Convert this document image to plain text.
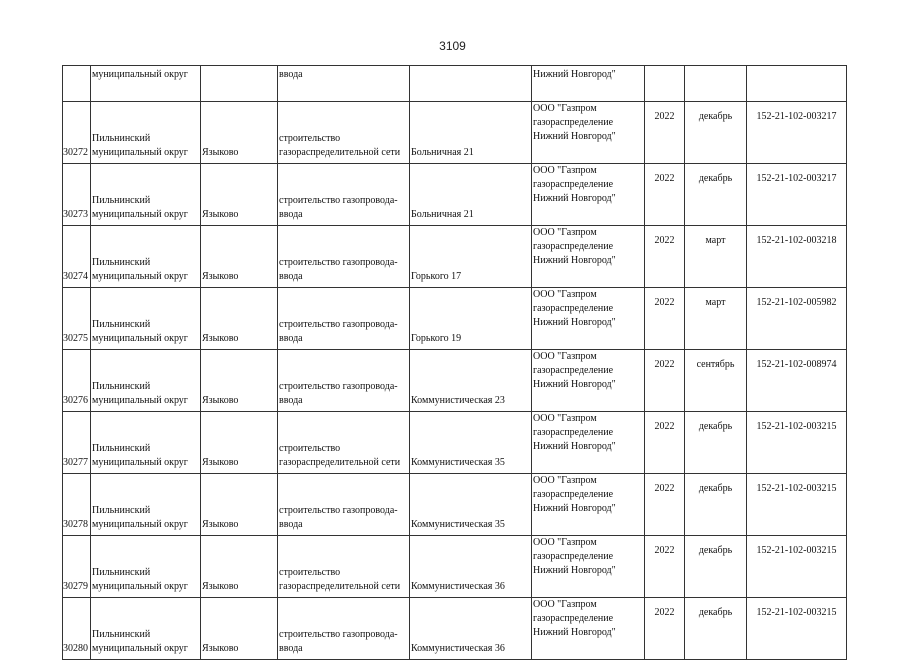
3109

	муниципальный округ		ввода		Нижний Новгород"			

30272	Пильнинский
муниципальный округ	Языково	строительство
газораспределительной сети	Больничная 21	ООО "Газпром
газораспределение
Нижний Новгород"	2022	декабрь	152-21-102-003217

30273	Пильнинский
муниципальный округ	Языково	строительство газопровода-
ввода	Больничная 21	ООО "Газпром
газораспределение
Нижний Новгород"	2022	декабрь	152-21-102-003217

30274	Пильнинский
муниципальный округ	Языково	строительство газопровода-
ввода	Горького 17	ООО "Газпром
газораспределение
Нижний Новгород"	2022	март	152-21-102-003218

30275	Пильнинский
муниципальный округ	Языково	строительство газопровода-
ввода	Горького 19	ООО "Газпром
газораспределение
Нижний Новгород"	2022	март	152-21-102-005982

30276	Пильнинский
муниципальный округ	Языково	строительство газопровода-
ввода	Коммунистическая 23	ООО "Газпром
газораспределение
Нижний Новгород"	2022	сентябрь	152-21-102-008974

30277	Пильнинский
муниципальный округ	Языково	строительство
газораспределительной сети	Коммунистическая 35	ООО "Газпром
газораспределение
Нижний Новгород"	2022	декабрь	152-21-102-003215

30278	Пильнинский
муниципальный округ	Языково	строительство газопровода-
ввода	Коммунистическая 35	ООО "Газпром
газораспределение
Нижний Новгород"	2022	декабрь	152-21-102-003215

30279	Пильнинский
муниципальный округ	Языково	строительство
газораспределительной сети	Коммунистическая 36	ООО "Газпром
газораспределение
Нижний Новгород"	2022	декабрь	152-21-102-003215

30280	Пильнинский
муниципальный округ	Языково	строительство газопровода-
ввода	Коммунистическая 36	ООО "Газпром
газораспределение
Нижний Новгород"	2022	декабрь	152-21-102-003215
